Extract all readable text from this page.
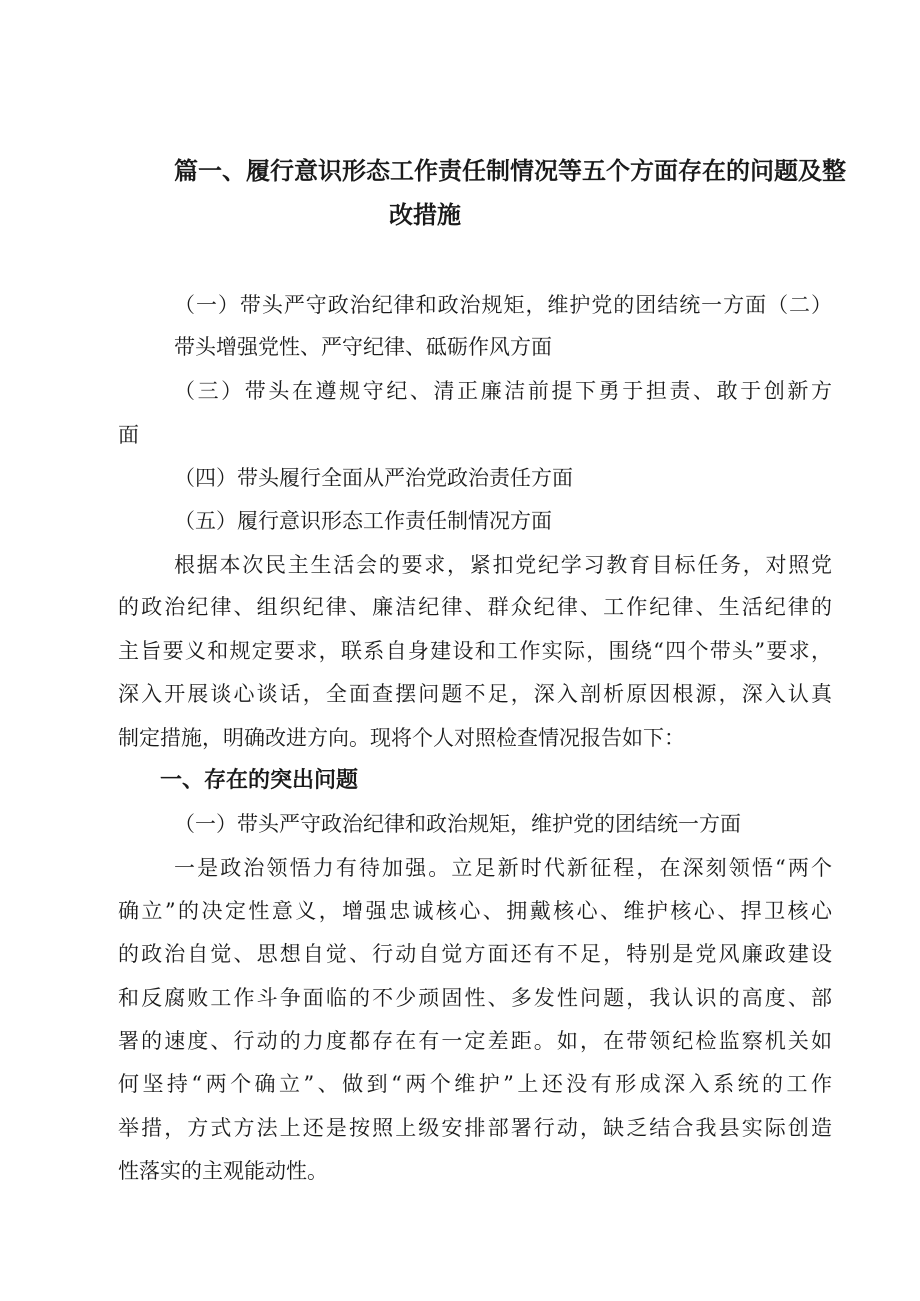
篇一、履行意识形态工作责任制情况等五个方面存在的问题及整
改措施

（一）带头严守政治纪律和政治规矩，维护党的团结统一方面（二）

带头增强党性、严守纪律、砥砺作风方面

（三）带头在遵规守纪、清正廉洁前提下勇于担责、敢于创新方

面

（四）带头履行全面从严治党政治责任方面

（五）履行意识形态工作责任制情况方面

根据本次民主生活会的要求，紧扣党纪学习教育目标任务，对照党

的政治纪律、组织纪律、廉洁纪律、群众纪律、工作纪律、生活纪律的

主旨要义和规定要求，联系自身建设和工作实际，围绕“四个带头”要求，

深入开展谈心谈话，全面查摆问题不足，深入剖析原因根源，深入认真

制定措施，明确改进方向。现将个人对照检查情况报告如下：

一、存在的突出问题

（一）带头严守政治纪律和政治规矩，维护党的团结统一方面

一是政治领悟力有待加强。立足新时代新征程，在深刻领悟“两个

确立”的决定性意义，增强忠诚核心、拥戴核心、维护核心、捍卫核心

的政治自觉、思想自觉、行动自觉方面还有不足，特别是党风廉政建设

和反腐败工作斗争面临的不少顽固性、多发性问题，我认识的高度、部

署的速度、行动的力度都存在有一定差距。如，在带领纪检监察机关如

何坚持“两个确立”、做到“两个维护”上还没有形成深入系统的工作

举措，方式方法上还是按照上级安排部署行动，缺乏结合我县实际创造

性落实的主观能动性。
